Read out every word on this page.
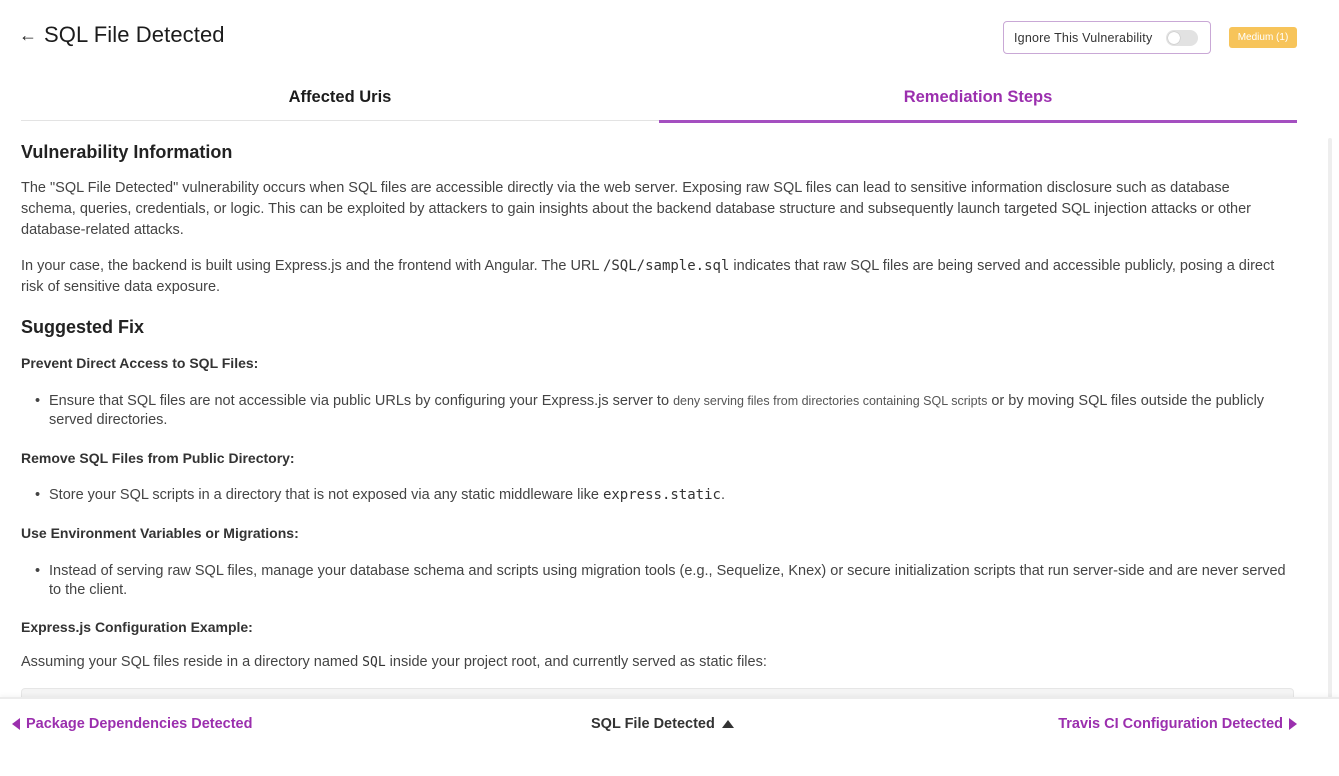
← SQL File Detected	Ignore This Vulnerability	Medium (1)
Affected Uris	Remediation Steps
Vulnerability Information

The "SQL File Detected" vulnerability occurs when SQL files are accessible directly via the web server. Exposing raw SQL files can lead to sensitive information disclosure such as database schema, queries, credentials, or logic. This can be exploited by attackers to gain insights about the backend database structure and subsequently launch targeted SQL injection attacks or other database-related attacks.

In your case, the backend is built using Express.js and the frontend with Angular. The URL /SQL/sample.sql indicates that raw SQL files are being served and accessible publicly, posing a direct risk of sensitive data exposure.

Suggested Fix
Prevent Direct Access to SQL Files:
• Ensure that SQL files are not accessible via public URLs by configuring your Express.js server to deny serving files from directories containing SQL scripts or by moving SQL files outside the publicly served directories.
Remove SQL Files from Public Directory:
• Store your SQL scripts in a directory that is not exposed via any static middleware like express.static.
Use Environment Variables or Migrations:
• Instead of serving raw SQL files, manage your database schema and scripts using migration tools (e.g., Sequelize, Knex) or secure initialization scripts that run server-side and are never served to the client.
Express.js Configuration Example:

Assuming your SQL files reside in a directory named SQL inside your project root, and currently served as static files:

Package Dependencies Detected	SQL File Detected	Travis CI Configuration Detected
